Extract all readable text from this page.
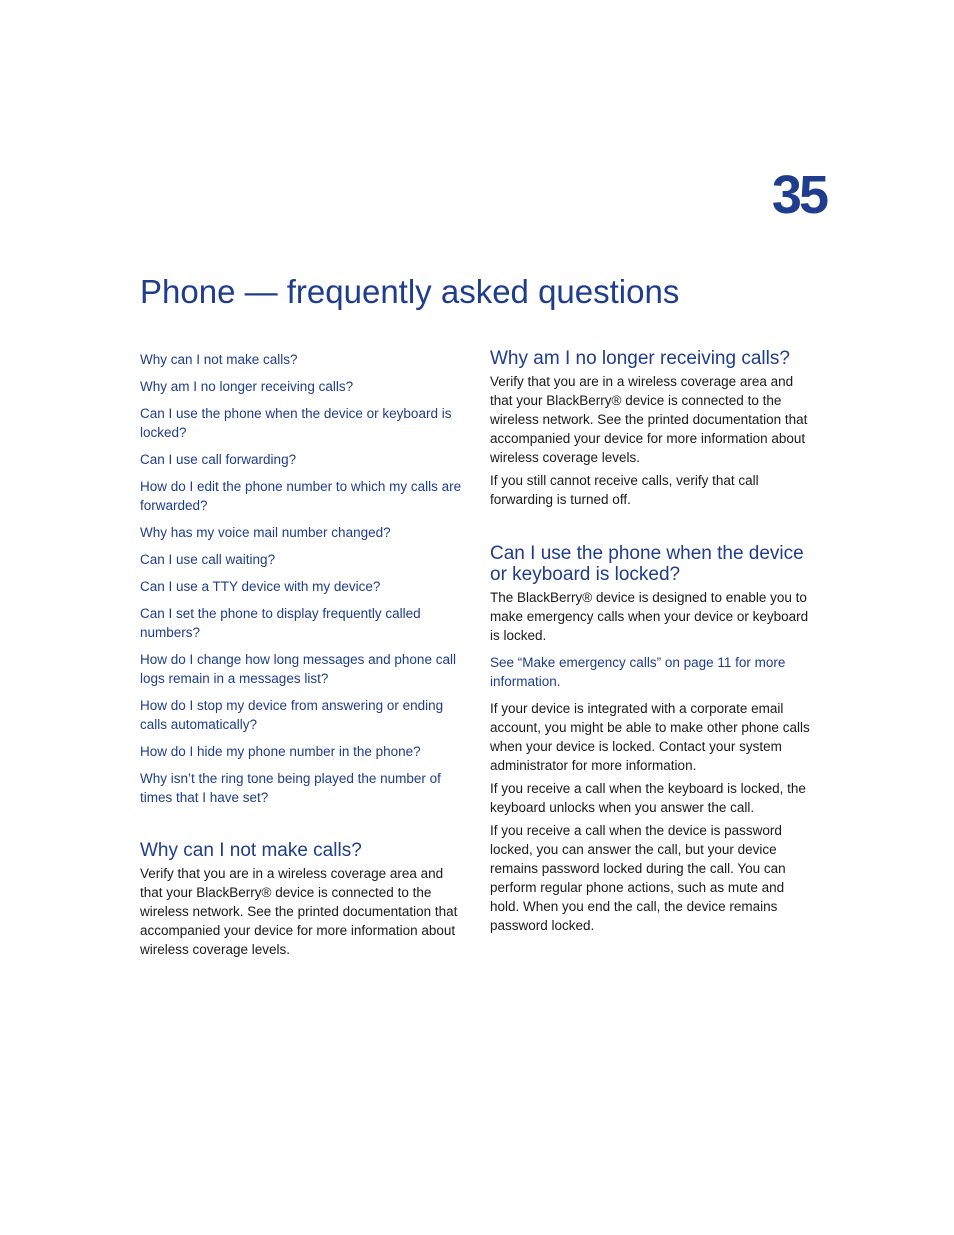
35
Phone — frequently asked questions
Why can I not make calls?
Why am I no longer receiving calls?
Can I use the phone when the device or keyboard is locked?
Can I use call forwarding?
How do I edit the phone number to which my calls are forwarded?
Why has my voice mail number changed?
Can I use call waiting?
Can I use a TTY device with my device?
Can I set the phone to display frequently called numbers?
How do I change how long messages and phone call logs remain in a messages list?
How do I stop my device from answering or ending calls automatically?
How do I hide my phone number in the phone?
Why isn’t the ring tone being played the number of times that I have set?
Why can I not make calls?

Verify that you are in a wireless coverage area and that your BlackBerry® device is connected to the wireless network. See the printed documentation that accompanied your device for more information about wireless coverage levels.

Why am I no longer receiving calls?

Verify that you are in a wireless coverage area and that your BlackBerry® device is connected to the wireless network. See the printed documentation that accompanied your device for more information about wireless coverage levels.

If you still cannot receive calls, verify that call forwarding is turned off.

Can I use the phone when the device or keyboard is locked?

The BlackBerry® device is designed to enable you to make emergency calls when your device or keyboard is locked.

See “Make emergency calls” on page 11 for more information.

If your device is integrated with a corporate email account, you might be able to make other phone calls when your device is locked. Contact your system administrator for more information.

If you receive a call when the keyboard is locked, the keyboard unlocks when you answer the call.

If you receive a call when the device is password locked, you can answer the call, but your device remains password locked during the call. You can perform regular phone actions, such as mute and hold. When you end the call, the device remains password locked.
